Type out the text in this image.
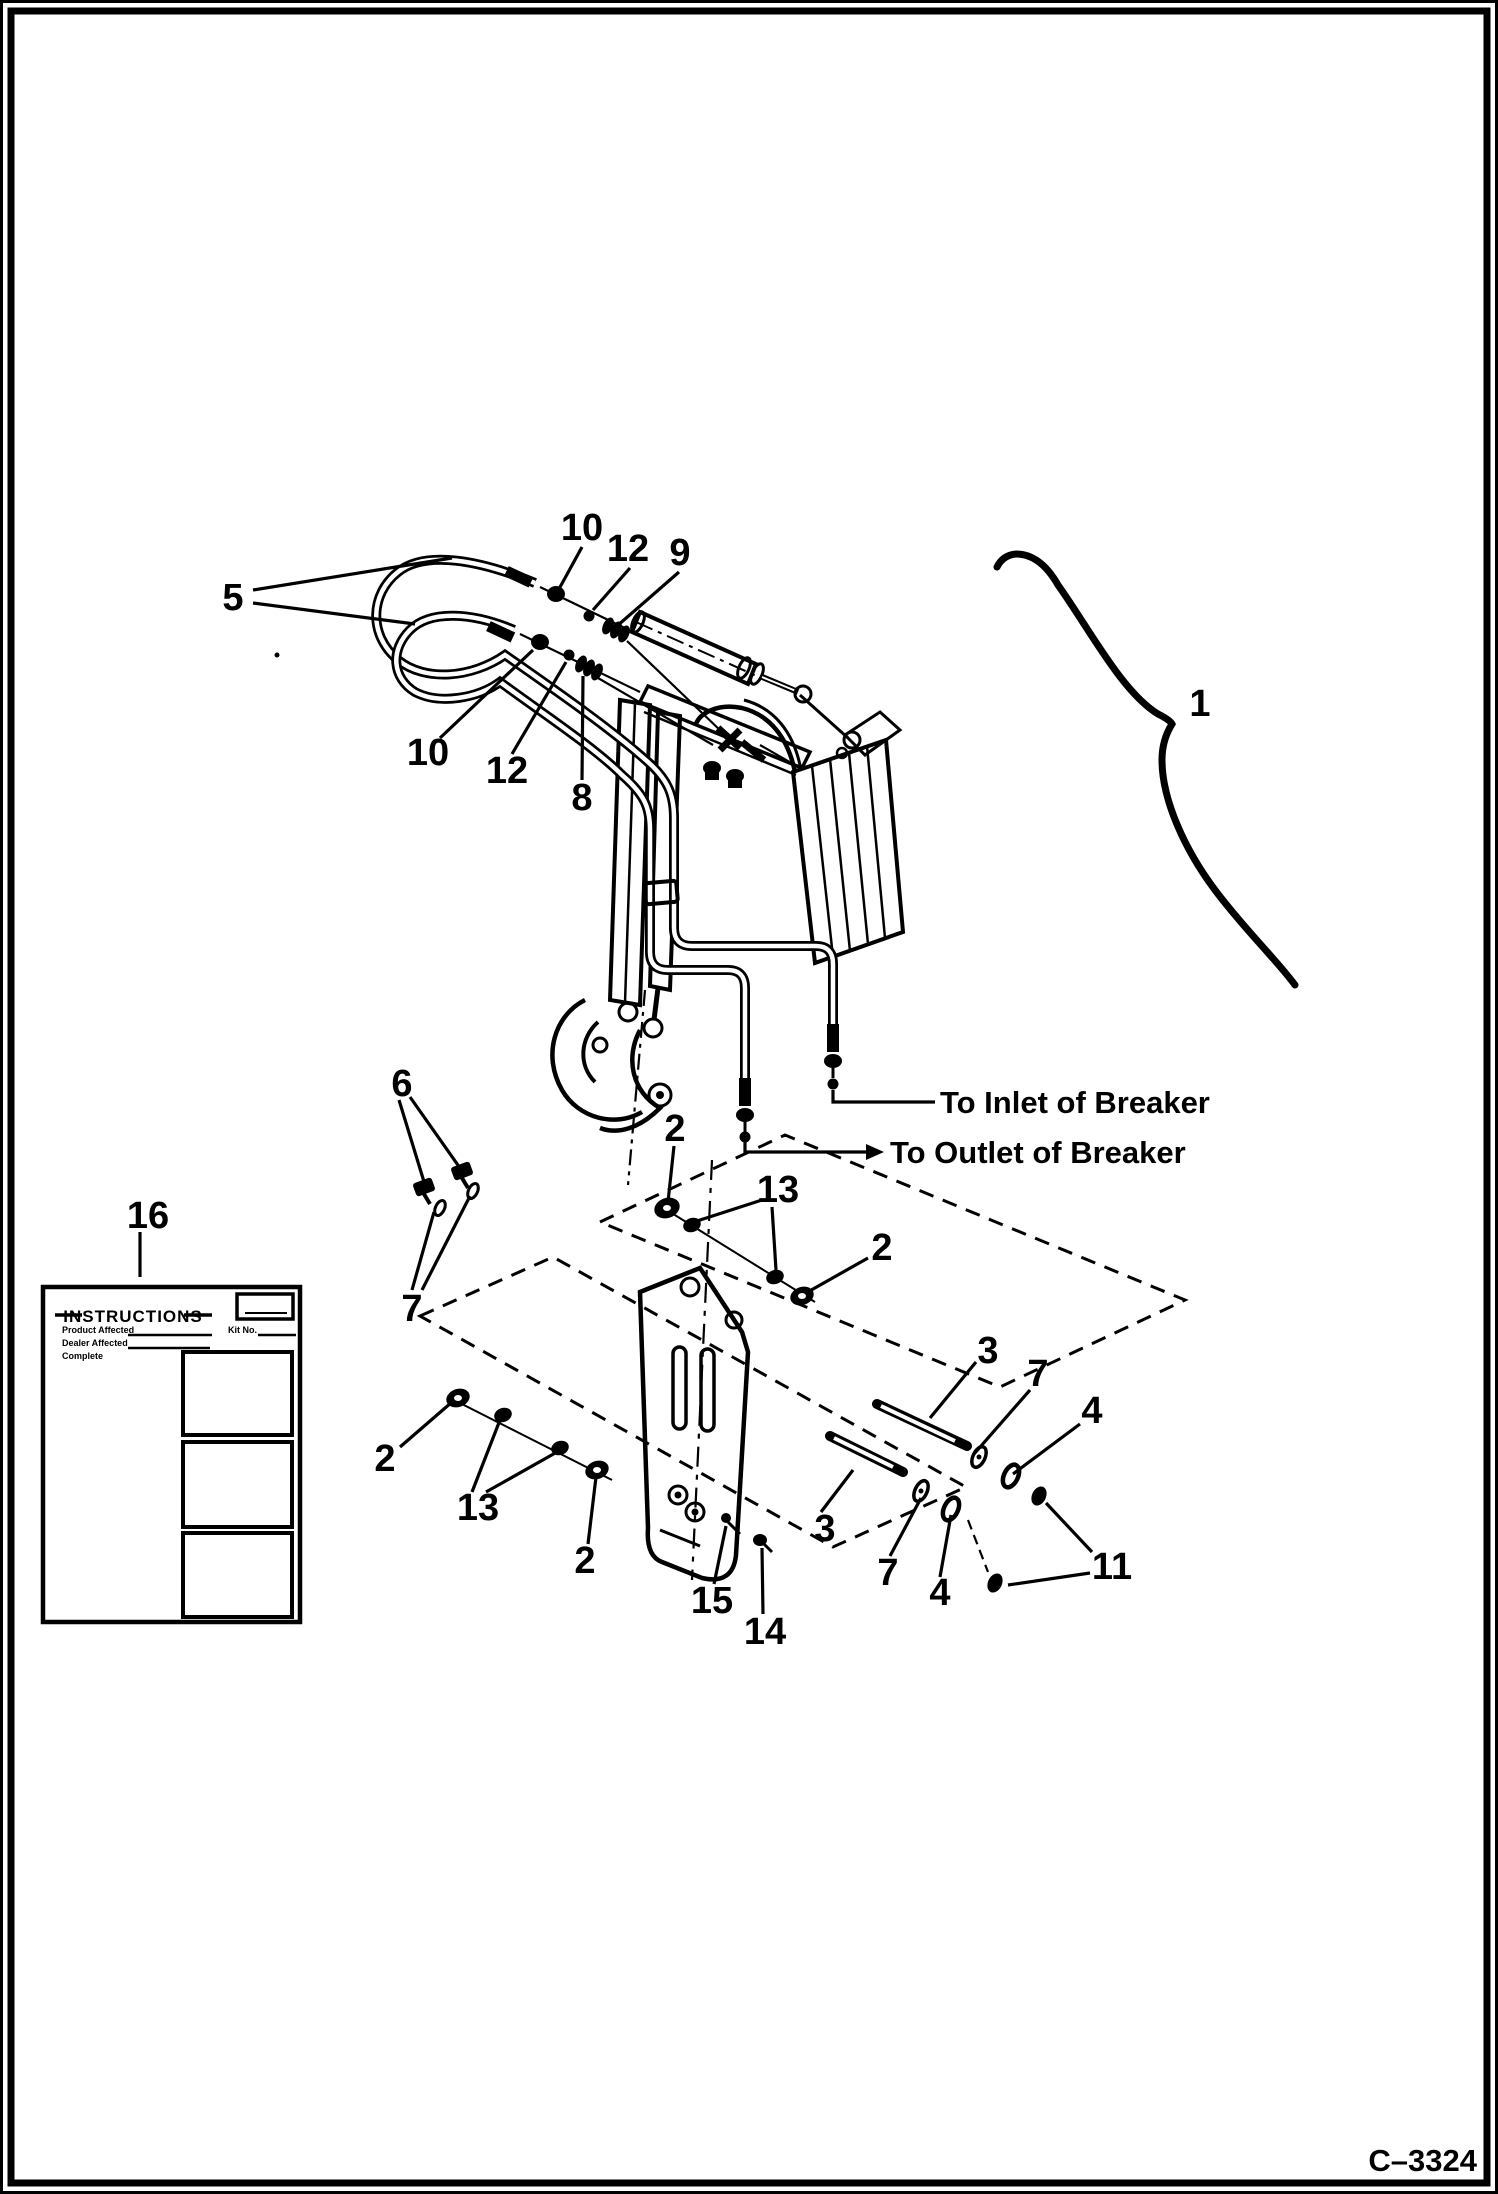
INSTRUCTIONS
Product Affected	Kit No.
Dealer Affected
Complete
5
10 12 9
1
10 12
8
6
2
13
2
7
3
7
4
16
2
13
2
3
7 4
11
15
14
To Inlet of Breaker
To Outlet of Breaker
C–3324
